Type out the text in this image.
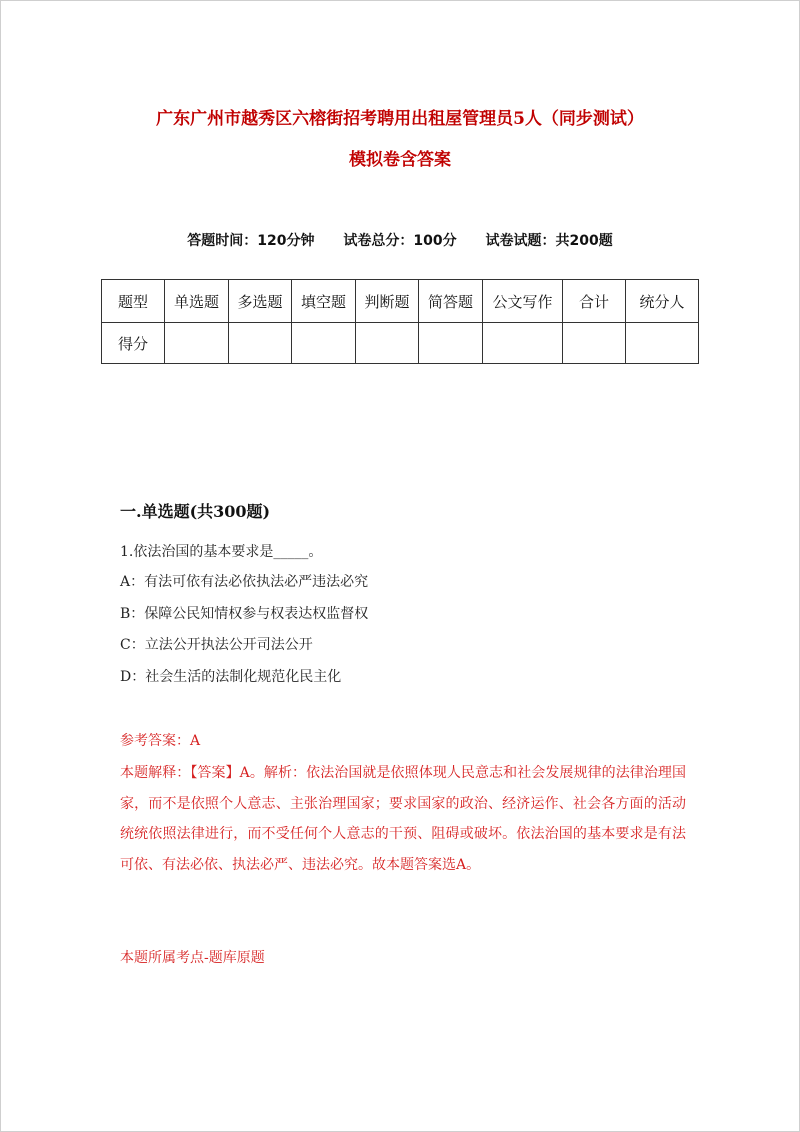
广东广州市越秀区六榕街招考聘用出租屋管理员5人（同步测试）
模拟卷含答案
答题时间：120分钟 试卷总分：100分 试卷试题：共200题
题型	单选题	多选题	填空题	判断题	简答题	公文写作	合计	统分人
得分								
一.单选题(共300题)
1.依法治国的基本要求是_____。
A：有法可依有法必依执法必严违法必究
B：保障公民知情权参与权表达权监督权
C：立法公开执法公开司法公开
D：社会生活的法制化规范化民主化
参考答案：A
本题解释：【答案】A。解析：依法治国就是依照体现人民意志和社会发展规律的法律治理国家，而不是依照个人意志、主张治理国家；要求国家的政治、经济运作、社会各方面的活动统统依照法律进行，而不受任何个人意志的干预、阻碍或破坏。依法治国的基本要求是有法可依、有法必依、执法必严、违法必究。故本题答案选A。
本题所属考点-题库原题
